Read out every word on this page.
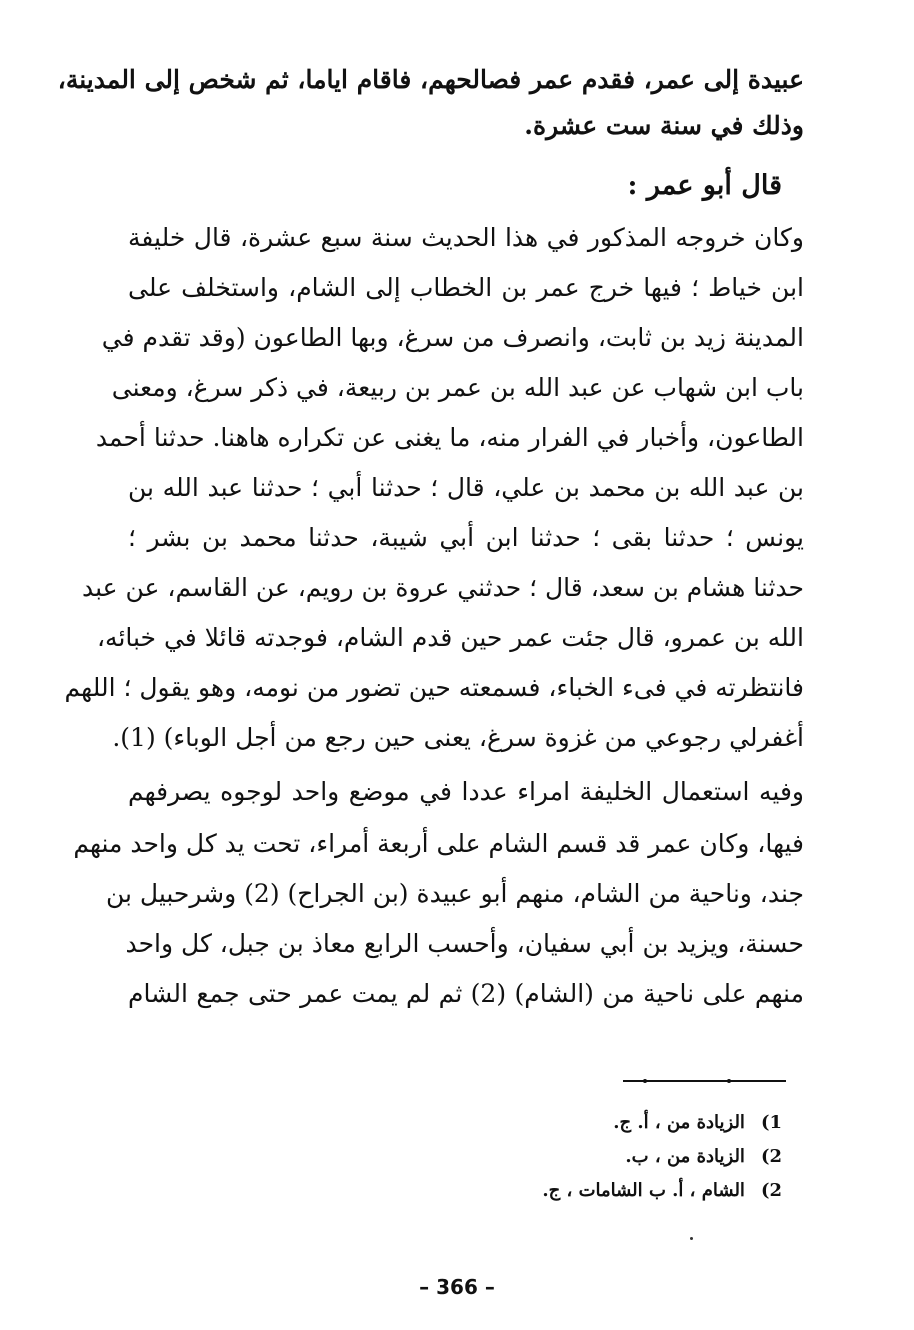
عبيدة إلى عمر، فقدم عمر فصالحهم، فاقام اياما، ثم شخص إلى المدينة،
وذلك في سنة ست عشرة.
قال أبو عمر :
وكان خروجه المذكور في هذا الحديث سنة سبع عشرة، قال خليفة
ابن خياط ؛ فيها خرج عمر بن الخطاب إلى الشام، واستخلف على
المدينة زيد بن ثابت، وانصرف من سرغ، وبها الطاعون (وقد تقدم في
باب ابن شهاب عن عبد الله بن عمر بن ربيعة، في ذكر سرغ، ومعنى
الطاعون، وأخبار في الفرار منه، ما يغنى عن تكراره هاهنا. حدثنا أحمد
بن عبد الله بن محمد بن علي، قال ؛ حدثنا أبي ؛ حدثنا عبد الله بن
يونس ؛ حدثنا بقى ؛ حدثنا ابن أبي شيبة، حدثنا محمد بن بشر ؛
حدثنا هشام بن سعد، قال ؛ حدثني عروة بن رويم، عن القاسم، عن عبد
الله بن عمرو، قال جئت عمر حين قدم الشام، فوجدته قائلا في خبائه،
فانتظرته في فىء الخباء، فسمعته حين تضور من نومه، وهو يقول ؛ اللهم
أغفرلي رجوعي من غزوة سرغ، يعنى حين رجع من أجل الوباء) (1).
وفيه استعمال الخليفة امراء عددا في موضع واحد لوجوه يصرفهم
فيها، وكان عمر قد قسم الشام على أربعة أمراء، تحت يد كل واحد منهم
جند، وناحية من الشام، منهم أبو عبيدة (بن الجراح) (2) وشرحبيل بن
حسنة، ويزيد بن أبي سفيان، وأحسب الرابع معاذ بن جبل، كل واحد
منهم على ناحية من (الشام) (2) ثم لم يمت عمر حتى جمع الشام
1)الزيادة من ، أ. ج.
2)الزيادة من ، ب.
2)الشام ، أ. ب الشامات ، ج.
– 366 –
